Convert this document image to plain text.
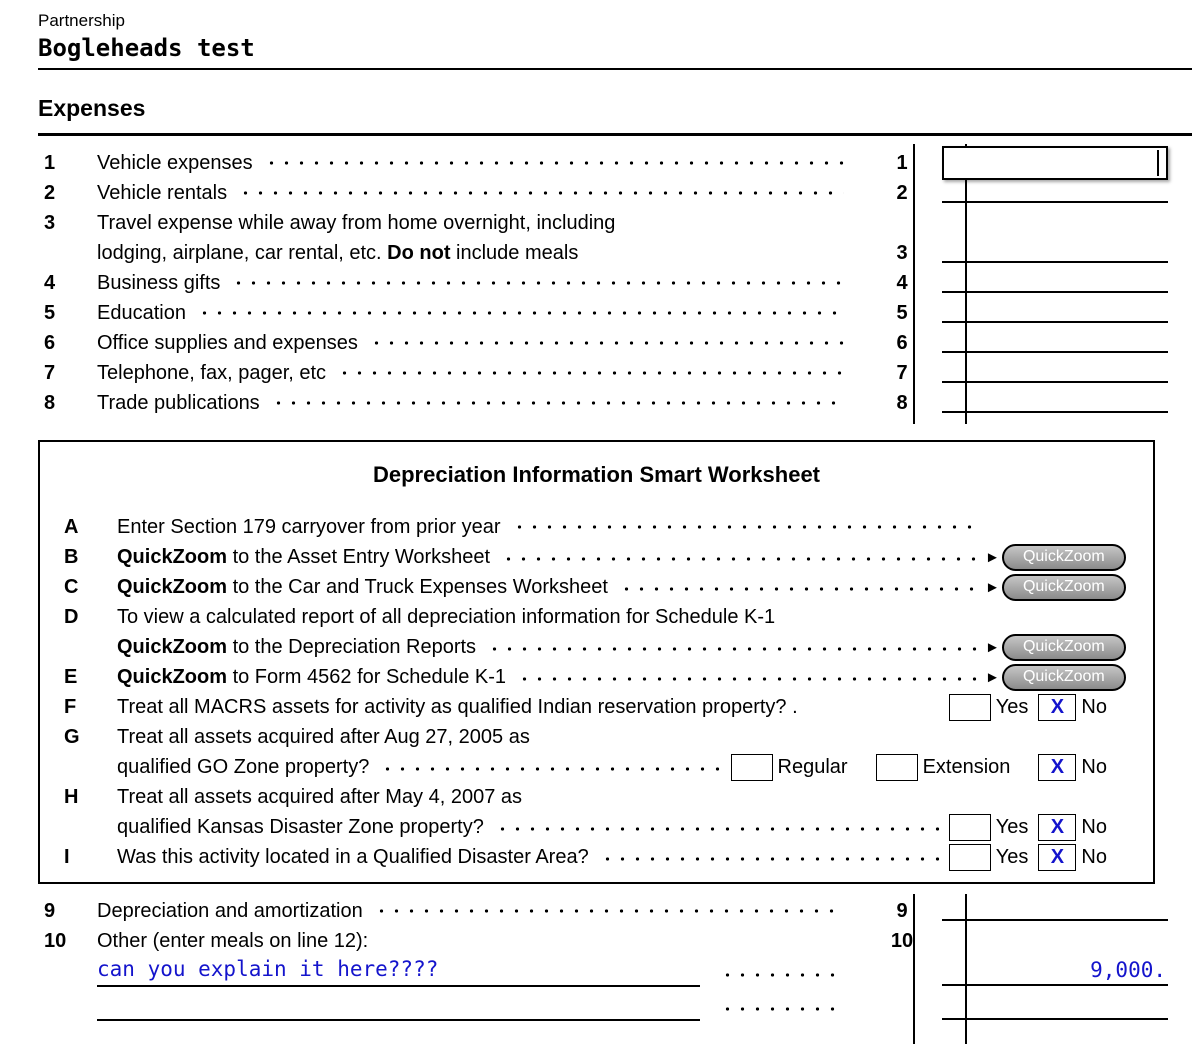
Partnership
Bogleheads test
Expenses
1	Vehicle expenses	1
2	Vehicle rentals	2
3	Travel expense while away from home overnight, including
lodging, airplane, car rental, etc. Do not include meals	3
4	Business gifts	4
5	Education	5
6	Office supplies and expenses	6
7	Telephone, fax, pager, etc	7
8	Trade publications	8
Depreciation Information Smart Worksheet
A	Enter Section 179 carryover from prior year
B	QuickZoom to the Asset Entry Worksheet	►	QuickZoom
C	QuickZoom to the Car and Truck Expenses Worksheet	►	QuickZoom
D	To view a calculated report of all depreciation information for Schedule K-1
QuickZoom to the Depreciation Reports	►	QuickZoom
E	QuickZoom to Form 4562 for Schedule K-1	►	QuickZoom
F	Treat all MACRS assets for activity as qualified Indian reservation property? .	Yes X No
G	Treat all assets acquired after Aug 27, 2005 as
qualified GO Zone property?	Regular	Extension X No
H	Treat all assets acquired after May 4, 2007 as
qualified Kansas Disaster Zone property?	Yes X No
I	Was this activity located in a Qualified Disaster Area?	Yes X No
9	Depreciation and amortization	9
10	Other (enter meals on line 12):	10
can you explain it here????	9,000.
